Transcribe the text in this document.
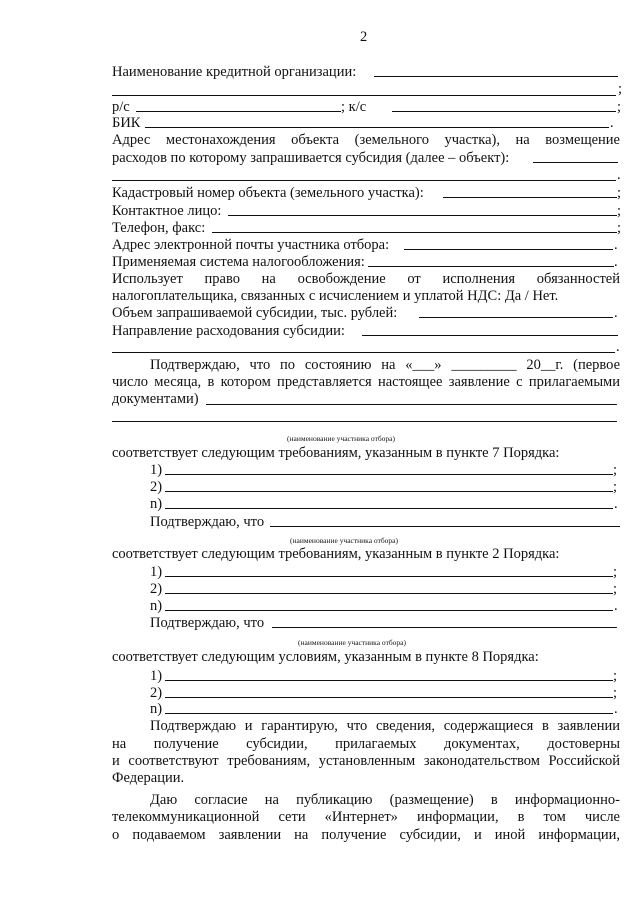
2
Наименование кредитной организации:
;
р/с	; к/с	;
БИК	.
Адрес местонахождения объекта (земельного участка), на возмещение
расходов по которому запрашивается субсидия (далее – объект):
.
Кадастровый номер объекта (земельного участка):	;
Контактное лицо:	;
Телефон, факс:	;
Адрес электронной почты участника отбора:	.
Применяемая система налогообложения:	.
Использует право на освобождение от исполнения обязанностей
налогоплательщика, связанных с исчислением и уплатой НДС: Да / Нет.
Объем запрашиваемой субсидии, тыс. рублей:	.
Направление расходования субсидии:
.
Подтверждаю, что по состоянию на «___» _________ 20__г. (первое
число месяца, в котором представляется настоящее заявление с прилагаемыми
документами)
(наименование участника отбора)
соответствует следующим требованиям, указанным в пункте 7 Порядка:
1)	;
2)	;
n)	.
Подтверждаю, что
(наименование участника отбора)
соответствует следующим требованиям, указанным в пункте 2 Порядка:
1)	;
2)	;
n)	.
Подтверждаю, что
(наименование участника отбора)
соответствует следующим условиям, указанным в пункте 8 Порядка:
1)	;
2)	;
n)	.
Подтверждаю и гарантирую, что сведения, содержащиеся в заявлении
на получение субсидии, прилагаемых документах, достоверны
и соответствуют требованиям, установленным законодательством Российской
Федерации.
Даю согласие на публикацию (размещение) в информационно-
телекоммуникационной сети «Интернет» информации, в том числе
о подаваемом заявлении на получение субсидии, и иной информации,
